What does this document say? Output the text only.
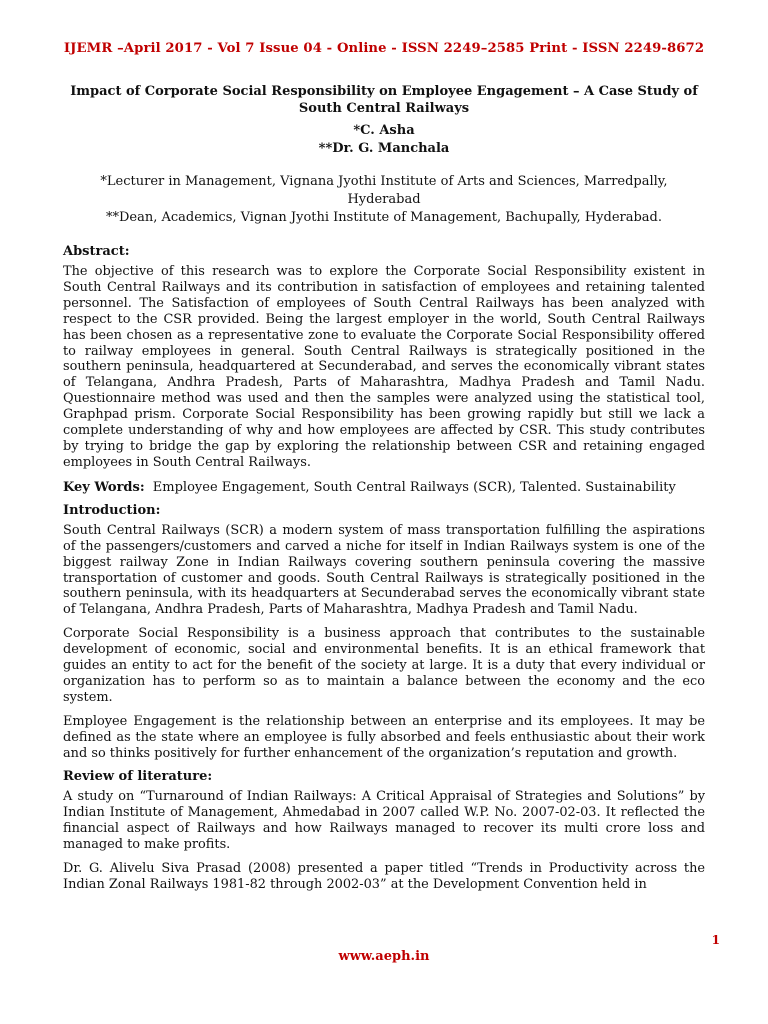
IJEMR –April 2017 - Vol 7 Issue 04 - Online - ISSN 2249–2585 Print - ISSN 2249-8672
Impact of Corporate Social Responsibility on Employee Engagement – A Case Study of South Central Railways
*C. Asha
**Dr. G. Manchala
*Lecturer in Management, Vignana Jyothi Institute of Arts and Sciences, Marredpally, Hyderabad
**Dean, Academics, Vignan Jyothi Institute of Management, Bachupally, Hyderabad.
Abstract:

The objective of this research was to explore the Corporate Social Responsibility existent in South Central Railways and its contribution in satisfaction of employees and retaining talented personnel. The Satisfaction of employees of South Central Railways has been analyzed with respect to the CSR provided. Being the largest employer in the world, South Central Railways has been chosen as a representative zone to evaluate the Corporate Social Responsibility offered to railway employees in general. South Central Railways is strategically positioned in the southern peninsula, headquartered at Secunderabad, and serves the economically vibrant states of Telangana, Andhra Pradesh, Parts of Maharashtra, Madhya Pradesh and Tamil Nadu. Questionnaire method was used and then the samples were analyzed using the statistical tool, Graphpad prism. Corporate Social Responsibility has been growing rapidly but still we lack a complete understanding of why and how employees are affected by CSR. This study contributes by trying to bridge the gap by exploring the relationship between CSR and retaining engaged employees in South Central Railways.

Key Words: Employee Engagement, South Central Railways (SCR), Talented. Sustainability
Introduction:

South Central Railways (SCR) a modern system of mass transportation fulfilling the aspirations of the passengers/customers and carved a niche for itself in Indian Railways system is one of the biggest railway Zone in Indian Railways covering southern peninsula covering the massive transportation of customer and goods. South Central Railways is strategically positioned in the southern peninsula, with its headquarters at Secunderabad serves the economically vibrant state of Telangana, Andhra Pradesh, Parts of Maharashtra, Madhya Pradesh and Tamil Nadu.

Corporate Social Responsibility is a business approach that contributes to the sustainable development of economic, social and environmental benefits. It is an ethical framework that guides an entity to act for the benefit of the society at large. It is a duty that every individual or organization has to perform so as to maintain a balance between the economy and the eco system.

Employee Engagement is the relationship between an enterprise and its employees. It may be defined as the state where an employee is fully absorbed and feels enthusiastic about their work and so thinks positively for further enhancement of the organization’s reputation and growth.

Review of literature:

A study on “Turnaround of Indian Railways: A Critical Appraisal of Strategies and Solutions” by Indian Institute of Management, Ahmedabad in 2007 called W.P. No. 2007-02-03. It reflected the financial aspect of Railways and how Railways managed to recover its multi crore loss and managed to make profits.

Dr. G. Alivelu Siva Prasad (2008) presented a paper titled “Trends in Productivity across the Indian Zonal Railways 1981-82 through 2002-03” at the Development Convention held in

1
www.aeph.in
